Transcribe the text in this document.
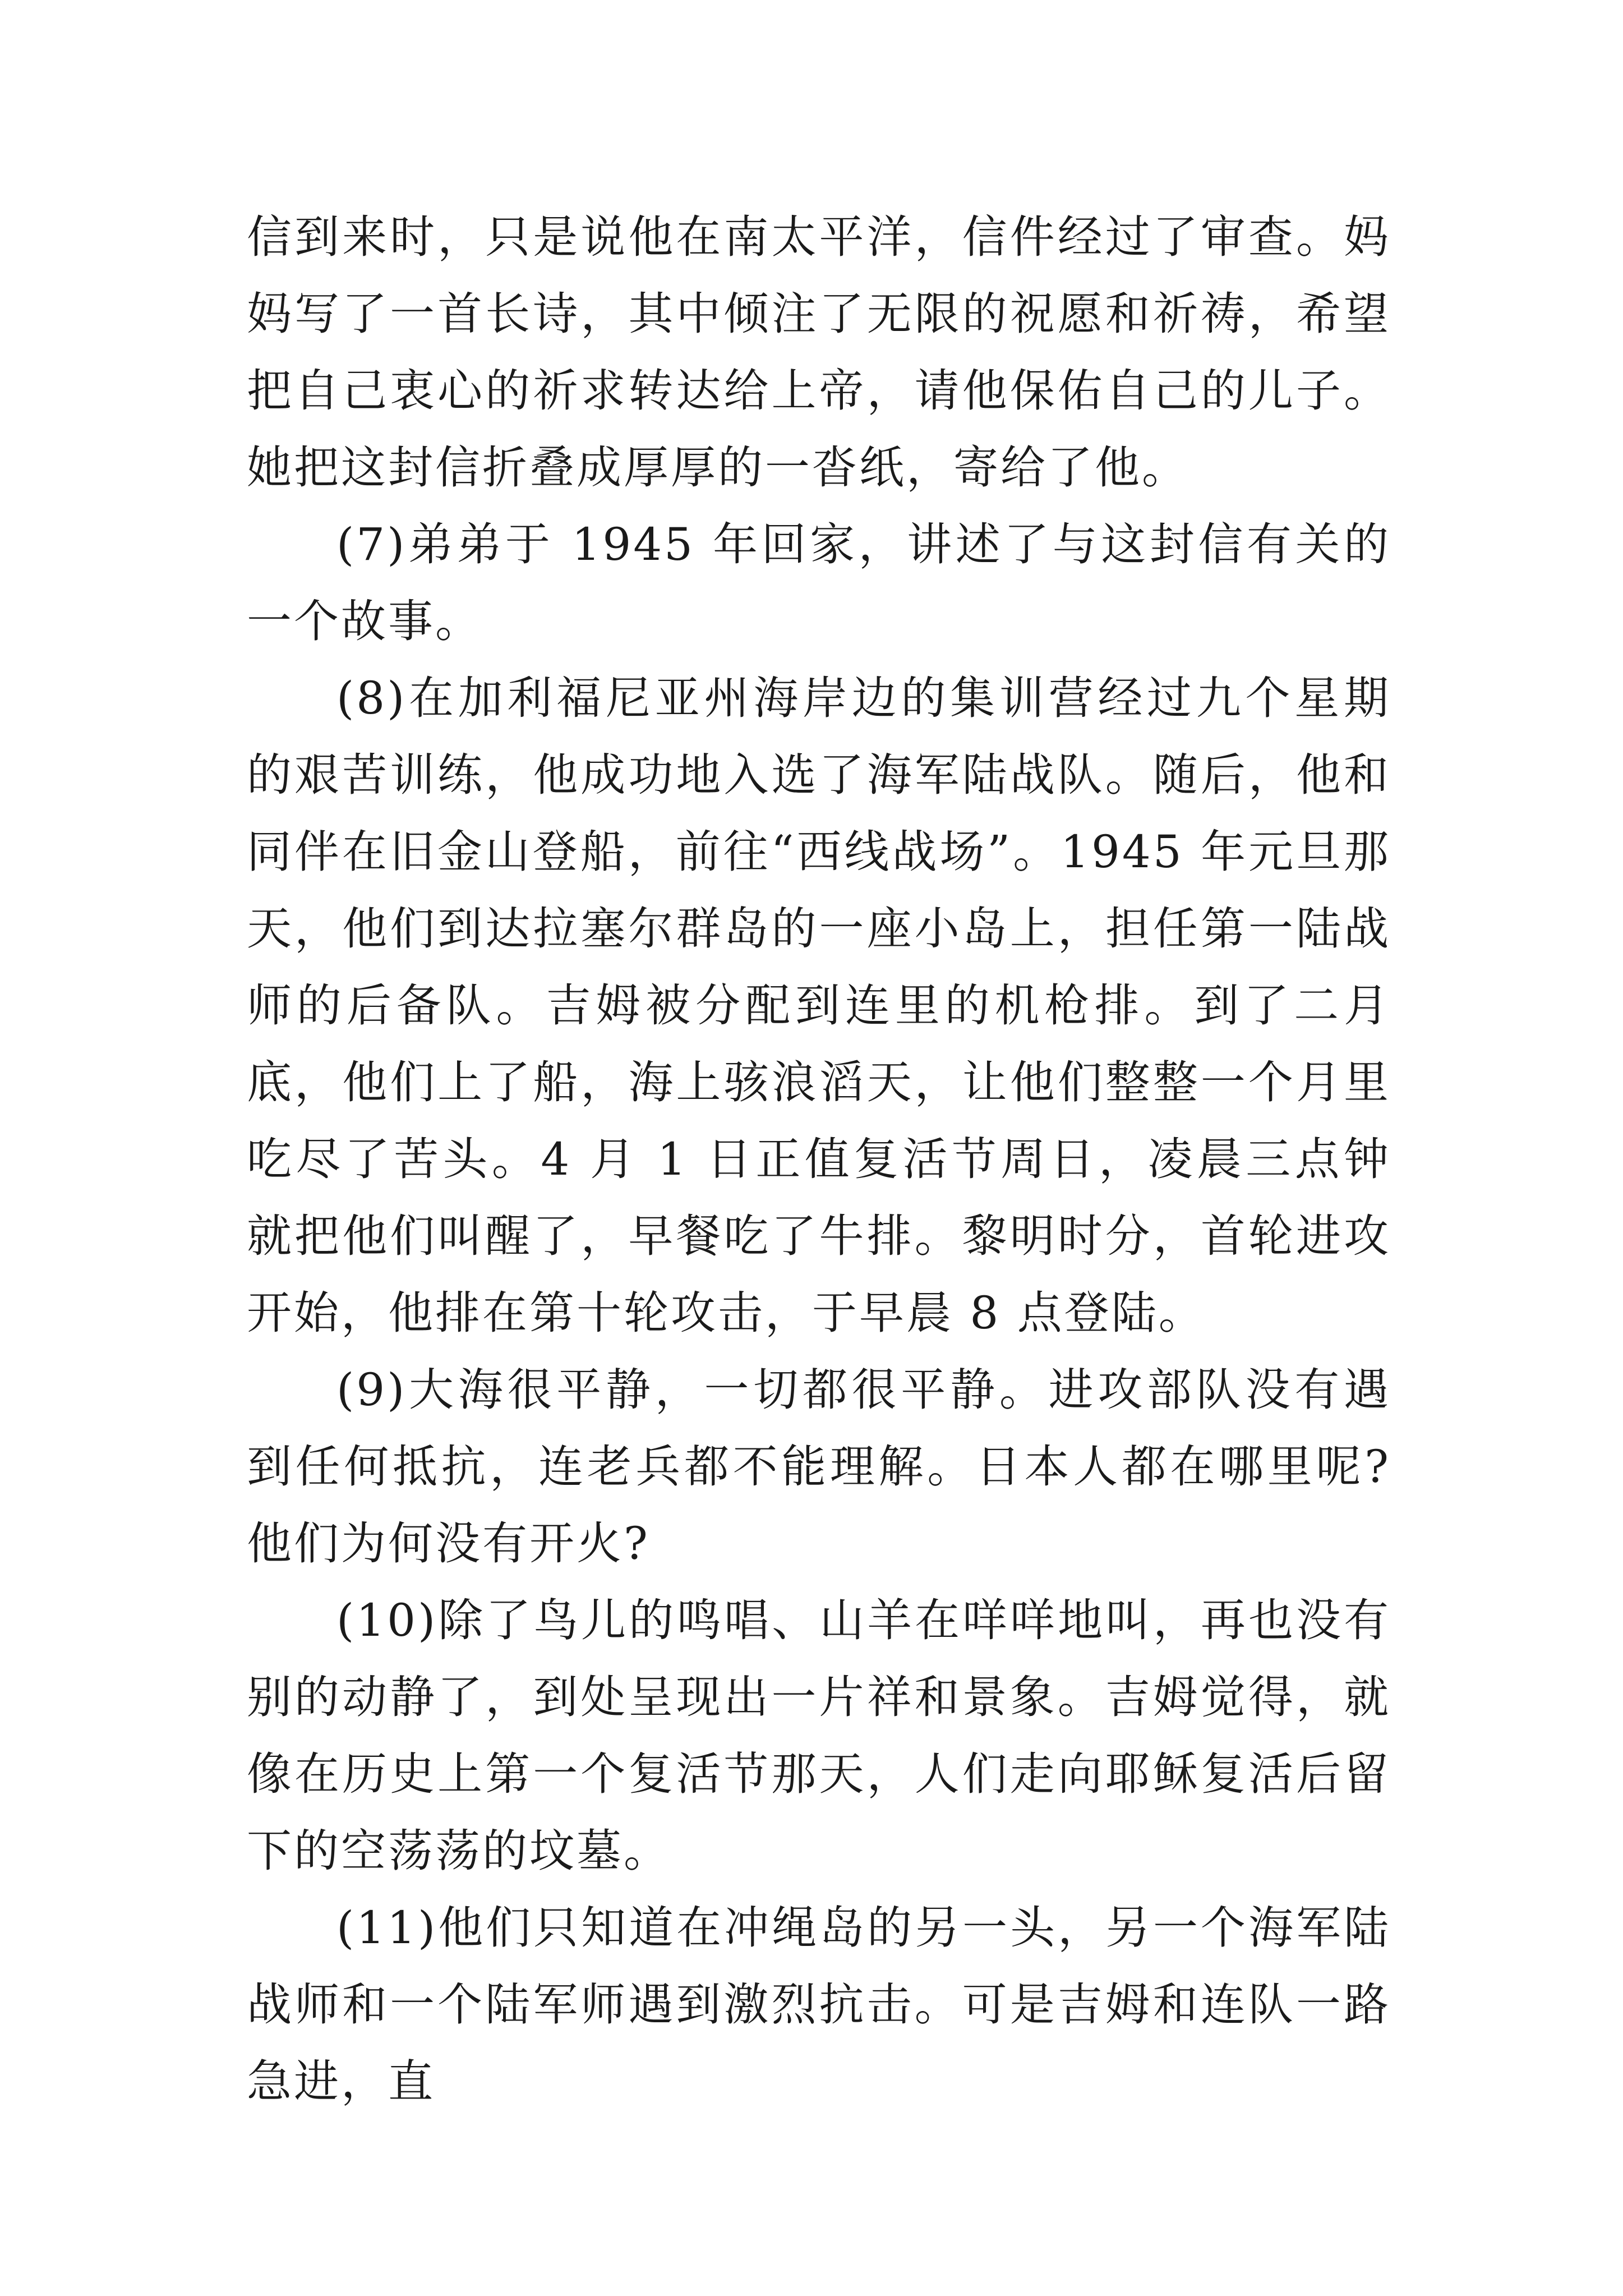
信到来时，只是说他在南太平洋，信件经过了审查。妈妈写了一首长诗，其中倾注了无限的祝愿和祈祷，希望把自己衷心的祈求转达给上帝，请他保佑自己的儿子。她把这封信折叠成厚厚的一沓纸，寄给了他。

(7)弟弟于 1945 年回家，讲述了与这封信有关的一个故事。

(8)在加利福尼亚州海岸边的集训营经过九个星期的艰苦训练，他成功地入选了海军陆战队。随后，他和同伴在旧金山登船，前往“西线战场”。1945 年元旦那天，他们到达拉塞尔群岛的一座小岛上，担任第一陆战师的后备队。吉姆被分配到连里的机枪排。到了二月底，他们上了船，海上骇浪滔天，让他们整整一个月里吃尽了苦头。4 月 1 日正值复活节周日，凌晨三点钟就把他们叫醒了，早餐吃了牛排。黎明时分，首轮进攻开始，他排在第十轮攻击，于早晨 8 点登陆。

(9)大海很平静，一切都很平静。进攻部队没有遇到任何抵抗，连老兵都不能理解。日本人都在哪里呢?他们为何没有开火?

(10)除了鸟儿的鸣唱、山羊在咩咩地叫，再也没有别的动静了，到处呈现出一片祥和景象。吉姆觉得，就像在历史上第一个复活节那天，人们走向耶稣复活后留下的空荡荡的坟墓。

(11)他们只知道在冲绳岛的另一头，另一个海军陆战师和一个陆军师遇到激烈抗击。可是吉姆和连队一路急进，直
